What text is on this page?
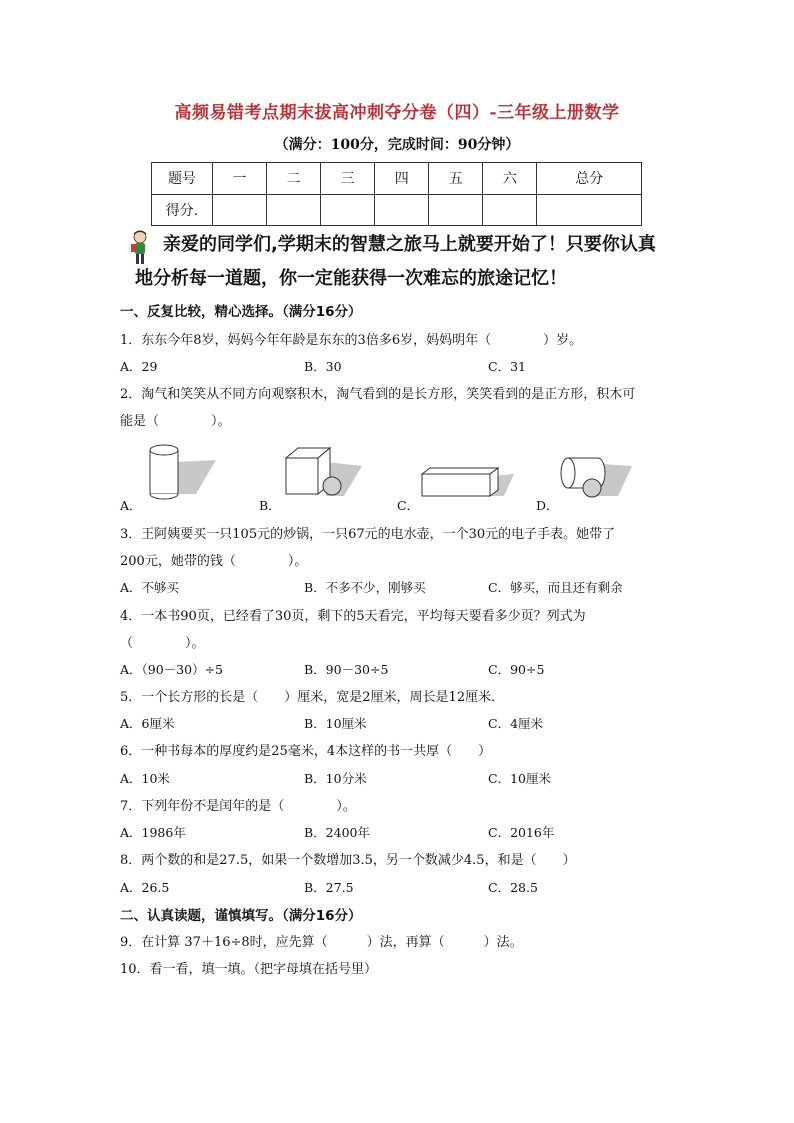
高频易错考点期末拔高冲刺夺分卷（四）-三年级上册数学
（满分：100分，完成时间：90分钟）
题号	一	二	三	四	五	六	总分
得分.							
亲爱的同学们,学期末的智慧之旅马上就要开始了！只要你认真
地分析每一道题，你一定能获得一次难忘的旅途记忆！
一、反复比较，精心选择。（满分16分）
1．东东今年8岁，妈妈今年年龄是东东的3倍多6岁，妈妈明年（　　　　）岁。
A．29	B．30	C．31
2．淘气和笑笑从不同方向观察积木，淘气看到的是长方形，笑笑看到的是正方形，积木可
能是（　　　　）。
A．	B．	C．	D．
3．王阿姨要买一只105元的炒锅，一只67元的电水壶，一个30元的电子手表。她带了
200元，她带的钱（　　　　）。
A．不够买	B．不多不少，刚够买	C．够买，而且还有剩余
4．一本书90页，已经看了30页，剩下的5天看完，平均每天要看多少页？列式为
（　　　　）。
A．（90－30）÷5	B．90－30÷5	C．90÷5
5．一个长方形的长是（　　）厘米，宽是2厘米，周长是12厘米．
A．6厘米	B．10厘米	C．4厘米
6．一种书每本的厚度约是25毫米，4本这样的书一共厚（　　）
A．10米	B．10分米	C．10厘米
7．下列年份不是闰年的是（　　　　）。
A．1986年	B．2400年	C．2016年
8．两个数的和是27.5，如果一个数增加3.5，另一个数减少4.5，和是（　　）
A．26.5	B．27.5	C．28.5
二、认真读题，谨慎填写。（满分16分）
9．在计算 37＋16÷8时，应先算（　　　）法，再算（　　　）法。
10．看一看，填一填。（把字母填在括号里）
